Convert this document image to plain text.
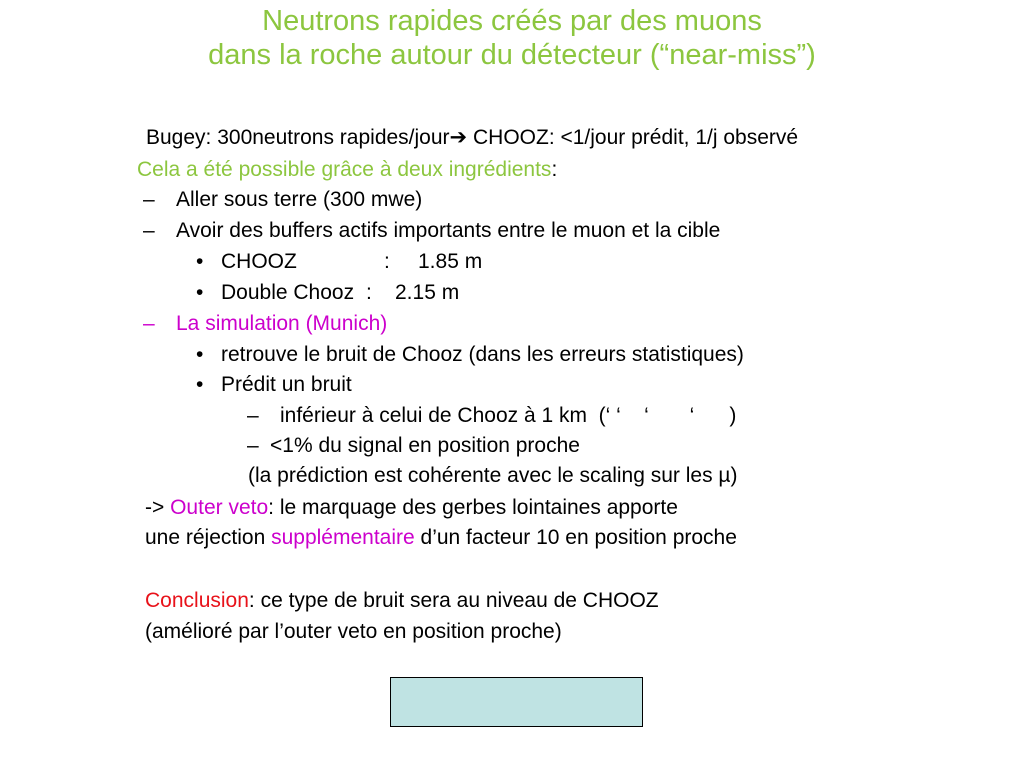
Neutrons rapides créés par des muons
dans la roche autour du détecteur (“near-miss”)
Bugey: 300neutrons rapides/jour➔ CHOOZ: <1/jour prédit, 1/j observé
Cela a été possible grâce à deux ingrédients:
– Aller sous terre (300 mwe)
– Avoir des buffers actifs importants entre le muon et la cible
• CHOOZ	: 1.85 m
• Double Chooz : 2.15 m
– La simulation (Munich)
• retrouve le bruit de Chooz (dans les erreurs statistiques)
• Prédit un bruit
– inférieur à celui de Chooz à 1 km  (‘ ‘    ‘       ‘      )
– <1% du signal en position proche
(la prédiction est cohérente avec le scaling sur les µ)
-> Outer veto: le marquage des gerbes lointaines apporte
une réjection supplémentaire d’un facteur 10 en position proche
Conclusion: ce type de bruit sera au niveau de CHOOZ
(amélioré par l’outer veto en position proche)
